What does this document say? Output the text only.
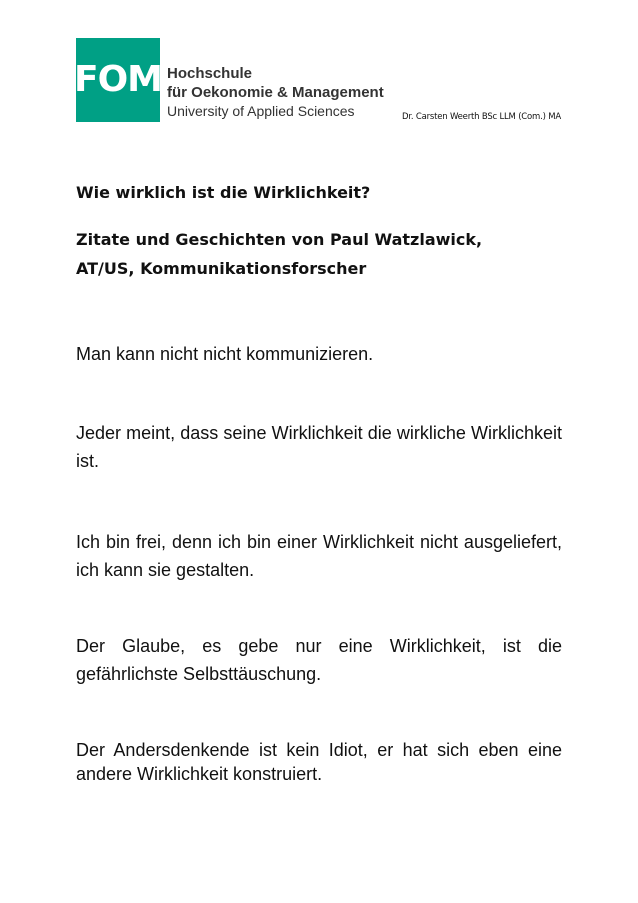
FOM Hochschule
für Oekonomie & Management
University of Applied Sciences	Dr. Carsten Weerth BSc LLM (Com.) MA
Wie wirklich ist die Wirklichkeit?
Zitate und Geschichten von Paul Watzlawick,
AT/US, Kommunikationsforscher

Man kann nicht nicht kommunizieren.

Jeder meint, dass seine Wirklichkeit die wirkliche Wirklichkeit ist.

Ich bin frei, denn ich bin einer Wirklichkeit nicht ausgeliefert, ich kann sie gestalten.

Der Glaube, es gebe nur eine Wirklichkeit, ist die gefährlichste Selbsttäuschung.

Der Andersdenkende ist kein Idiot, er hat sich eben eine andere Wirklichkeit konstruiert.
